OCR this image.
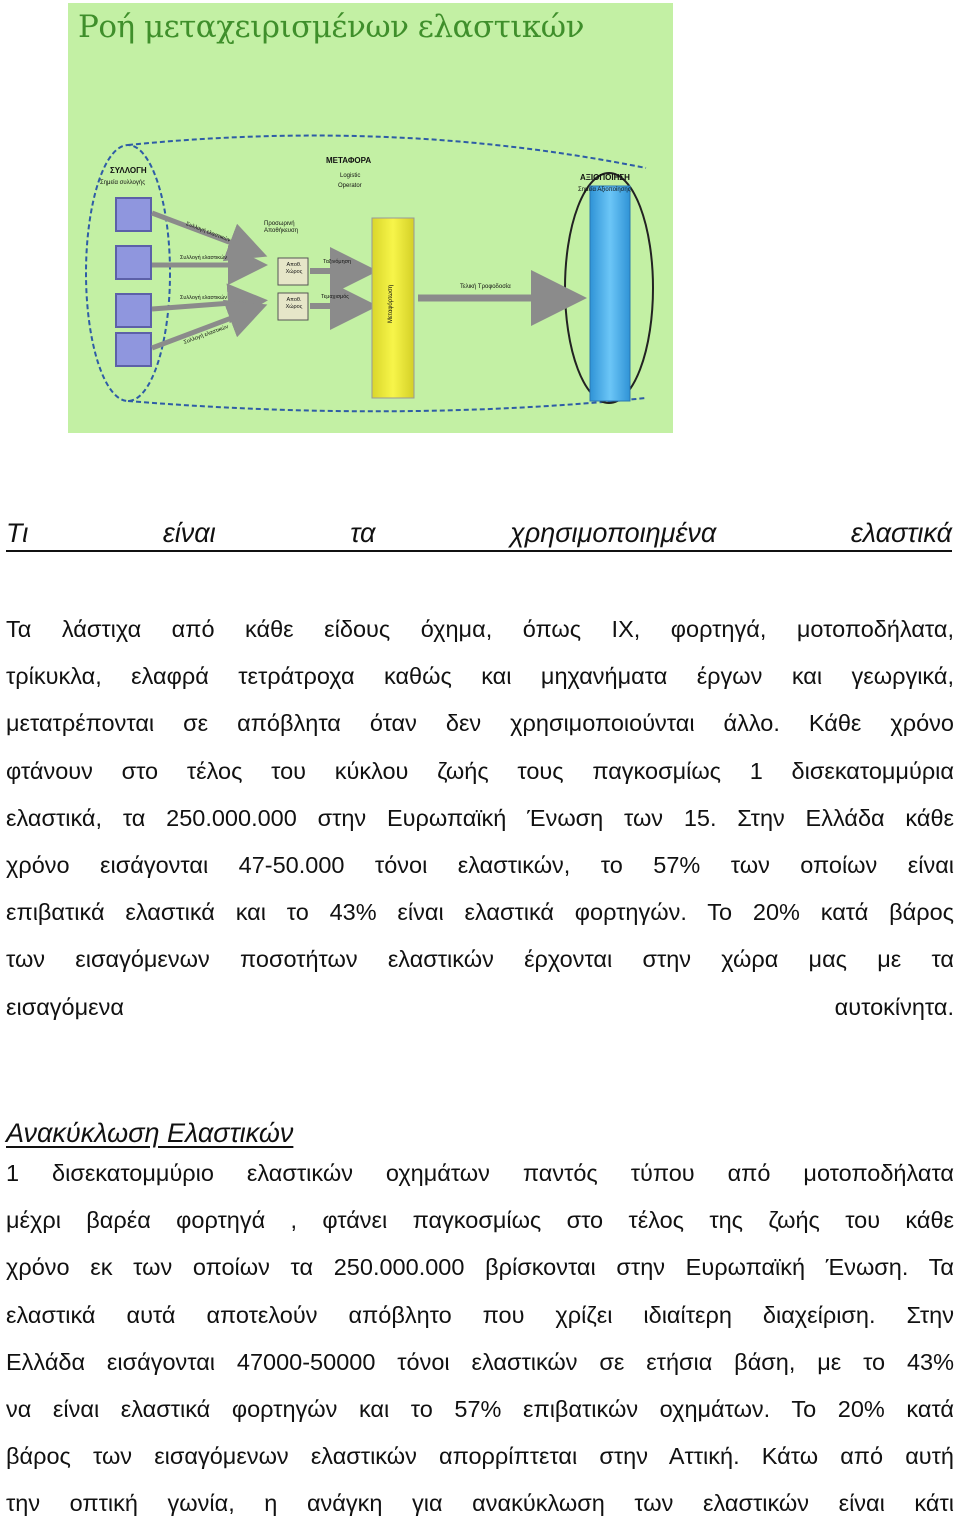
Ροή μεταχειρισμένων ελαστικών
ΣΥΛΛΟΓΗ
Σημεία συλλογής
ΜΕΤΑΦΟΡΑ
Logistic
Operator
ΑΞΙΟΠΟΙΗΣΗ
Σημεία Αξιοποίησης
Προσωρινή Αποθήκευση
Αποθ. Χώρος
Αποθ. Χώρος
Συλλογή ελαστικών
Συλλογή ελαστικών
Συλλογή ελαστικών
Συλλογή ελαστικών
Ταξινόμηση
Τεμαχισμός	Μεταφόρτωση	Τελική Τροφοδοσία
Τι	είναι	τα	χρησιμοποιημένα	ελαστικά
Τα λάστιχα από κάθε είδους όχημα, όπως ΙΧ, φορτηγά, μοτοποδήλατα,
τρίκυκλα, ελαφρά τετράτροχα καθώς και μηχανήματα έργων και γεωργικά,
μετατρέπονται σε απόβλητα όταν δεν χρησιμοποιούνται άλλο. Κάθε χρόνο
φτάνουν στο τέλος του κύκλου ζωής τους παγκοσμίως 1 δισεκατομμύρια
ελαστικά, τα 250.000.000 στην Ευρωπαϊκή Ένωση των 15. Στην Ελλάδα κάθε
χρόνο εισάγονται 47-50.000 τόνοι ελαστικών, το 57% των οποίων είναι
επιβατικά ελαστικά και το 43% είναι ελαστικά φορτηγών. Το 20% κατά βάρος
των εισαγόμενων ποσοτήτων ελαστικών έρχονται στην χώρα μας με τα
εισαγόμενα αυτοκίνητα.
Ανακύκλωση Ελαστικών
1 δισεκατομμύριο ελαστικών οχημάτων παντός τύπου από μοτοποδήλατα
μέχρι βαρέα φορτηγά , φτάνει παγκοσμίως στο τέλος της ζωής του κάθε
χρόνο εκ των οποίων τα 250.000.000 βρίσκονται στην Ευρωπαϊκή Ένωση. Τα
ελαστικά αυτά αποτελούν απόβλητο που χρίζει ιδιαίτερη διαχείριση. Στην
Ελλάδα εισάγονται 47000-50000 τόνοι ελαστικών σε ετήσια βάση, με το 43%
να είναι ελαστικά φορτηγών και το 57% επιβατικών οχημάτων. Το 20% κατά
βάρος των εισαγόμενων ελαστικών απορρίπτεται στην Αττική. Κάτω από αυτή
την οπτική γωνία, η ανάγκη για ανακύκλωση των ελαστικών είναι κάτι
